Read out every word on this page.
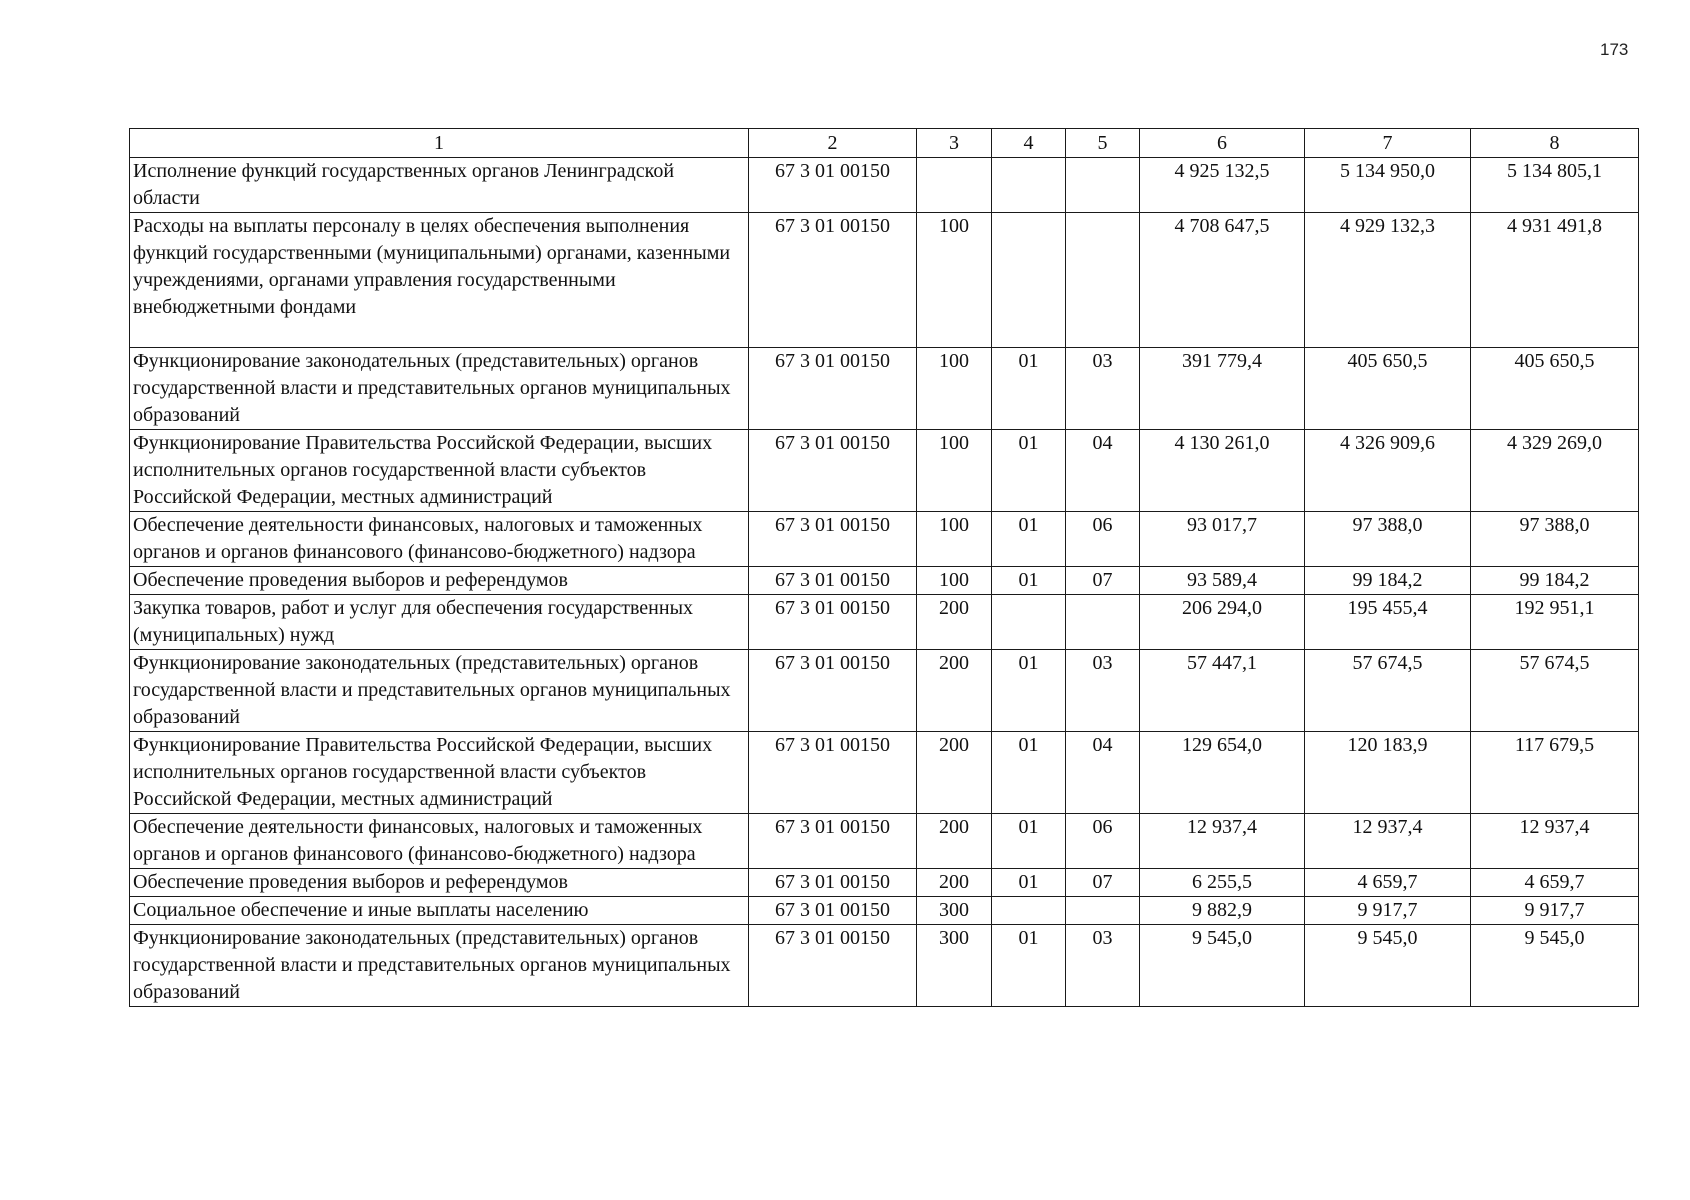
173
1	2	3	4	5	6	7	8
Исполнение функций государственных органов Ленинградской области	67 3 01 00150				4 925 132,5	5 134 950,0	5 134 805,1
Расходы на выплаты персоналу в целях обеспечения выполнения функций государственными (муниципальными) органами, казенными учреждениями, органами управления государственными внебюджетными фондами	67 3 01 00150	100			4 708 647,5	4 929 132,3	4 931 491,8
Функционирование законодательных (представительных) органов государственной власти и представительных органов муниципальных образований	67 3 01 00150	100	01	03	391 779,4	405 650,5	405 650,5
Функционирование Правительства Российской Федерации, высших исполнительных органов государственной власти субъектов Российской Федерации, местных администраций	67 3 01 00150	100	01	04	4 130 261,0	4 326 909,6	4 329 269,0
Обеспечение деятельности финансовых, налоговых и таможенных органов и органов финансового (финансово-бюджетного) надзора	67 3 01 00150	100	01	06	93 017,7	97 388,0	97 388,0
Обеспечение проведения выборов и референдумов	67 3 01 00150	100	01	07	93 589,4	99 184,2	99 184,2
Закупка товаров, работ и услуг для обеспечения государственных (муниципальных) нужд	67 3 01 00150	200			206 294,0	195 455,4	192 951,1
Функционирование законодательных (представительных) органов государственной власти и представительных органов муниципальных образований	67 3 01 00150	200	01	03	57 447,1	57 674,5	57 674,5
Функционирование Правительства Российской Федерации, высших исполнительных органов государственной власти субъектов Российской Федерации, местных администраций	67 3 01 00150	200	01	04	129 654,0	120 183,9	117 679,5
Обеспечение деятельности финансовых, налоговых и таможенных органов и органов финансового (финансово-бюджетного) надзора	67 3 01 00150	200	01	06	12 937,4	12 937,4	12 937,4
Обеспечение проведения выборов и референдумов	67 3 01 00150	200	01	07	6 255,5	4 659,7	4 659,7
Социальное обеспечение и иные выплаты населению	67 3 01 00150	300			9 882,9	9 917,7	9 917,7
Функционирование законодательных (представительных) органов государственной власти и представительных органов муниципальных образований	67 3 01 00150	300	01	03	9 545,0	9 545,0	9 545,0
